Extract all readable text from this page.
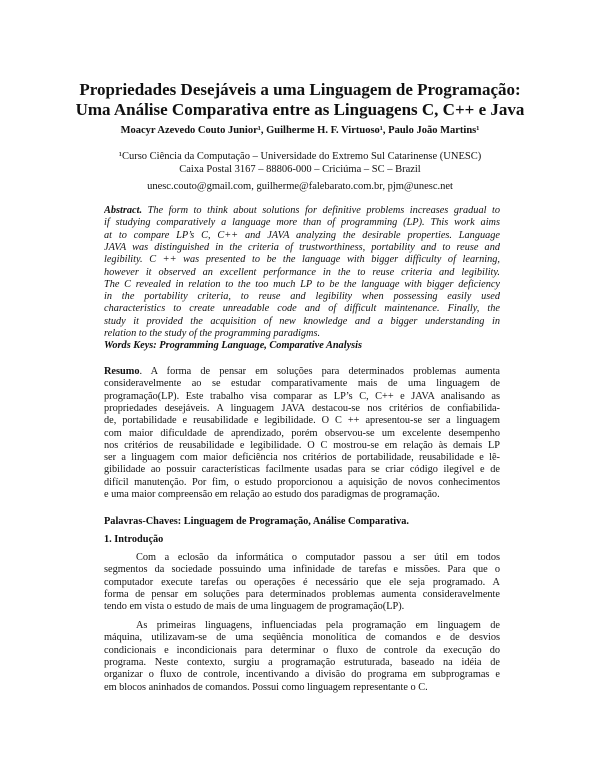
Propriedades Desejáveis a uma Linguagem de Programação:
Uma Análise Comparativa entre as Linguagens C, C++ e Java
Moacyr Azevedo Couto Junior¹, Guilherme H. F. Virtuoso¹, Paulo João Martins¹
¹Curso Ciência da Computação – Universidade do Extremo Sul Catarinense (UNESC)
Caixa Postal 3167 – 88806-000 – Criciúma – SC – Brazil
unesc.couto@gmail.com, guilherme@falebarato.com.br, pjm@unesc.net
Abstract. The form to think about solutions for definitive problems increases gradual to
if studying comparatively a language more than of programming (LP). This work aims
at to compare LP’s C, C++ and JAVA analyzing the desirable properties. Language
JAVA was distinguished in the criteria of trustworthiness, portability and to reuse and
legibility. C ++ was presented to be the language with bigger difficulty of learning,
however it observed an excellent performance in the to reuse criteria and legibility.
The C revealed in relation to the too much LP to be the language with bigger deficiency
in the portability criteria, to reuse and legibility when possessing easily used
characteristics to create unreadable code and of difficult maintenance. Finally, the
study it provided the acquisition of new knowledge and a bigger understanding in
relation to the study of the programming paradigms.
Words Keys: Programming Language, Comparative Analysis
Resumo. A forma de pensar em soluções para determinados problemas aumenta
consideravelmente ao se estudar comparativamente mais de uma linguagem de
programação(LP). Este trabalho visa comparar as LP’s C, C++ e JAVA analisando as
propriedades desejáveis. A linguagem JAVA destacou-se nos critérios de confiabilida-
de, portabilidade e reusabilidade e legibilidade. O C ++ apresentou-se ser a linguagem
com maior dificuldade de aprendizado, porém observou-se um excelente desempenho
nos critérios de reusabilidade e legibilidade. O C mostrou-se em relação às demais LP
ser a linguagem com maior deficiência nos critérios de portabilidade, reusabilidade e lê-
gibilidade ao possuir características facilmente usadas para se criar código ilegível e de
difícil manutenção. Por fim, o estudo proporcionou a aquisição de novos conhecimentos
e uma maior compreensão em relação ao estudo dos paradigmas de programação.
Palavras-Chaves: Linguagem de Programação, Análise Comparativa.
1. Introdução
Com a eclosão da informática o computador passou a ser útil em todos
segmentos da sociedade possuindo uma infinidade de tarefas e missões. Para que o
computador execute tarefas ou operações é necessário que ele seja programado. A
forma de pensar em soluções para determinados problemas aumenta consideravelmente
tendo em vista o estudo de mais de uma linguagem de programação(LP).
As primeiras linguagens, influenciadas pela programação em linguagem de
máquina, utilizavam-se de uma seqüência monolítica de comandos e de desvios
condicionais e incondicionais para determinar o fluxo de controle da execução do
programa. Neste contexto, surgiu a programação estruturada, baseado na idéia de
organizar o fluxo de controle, incentivando a divisão do programa em subprogramas e
em blocos aninhados de comandos. Possui como linguagem representante o C.
